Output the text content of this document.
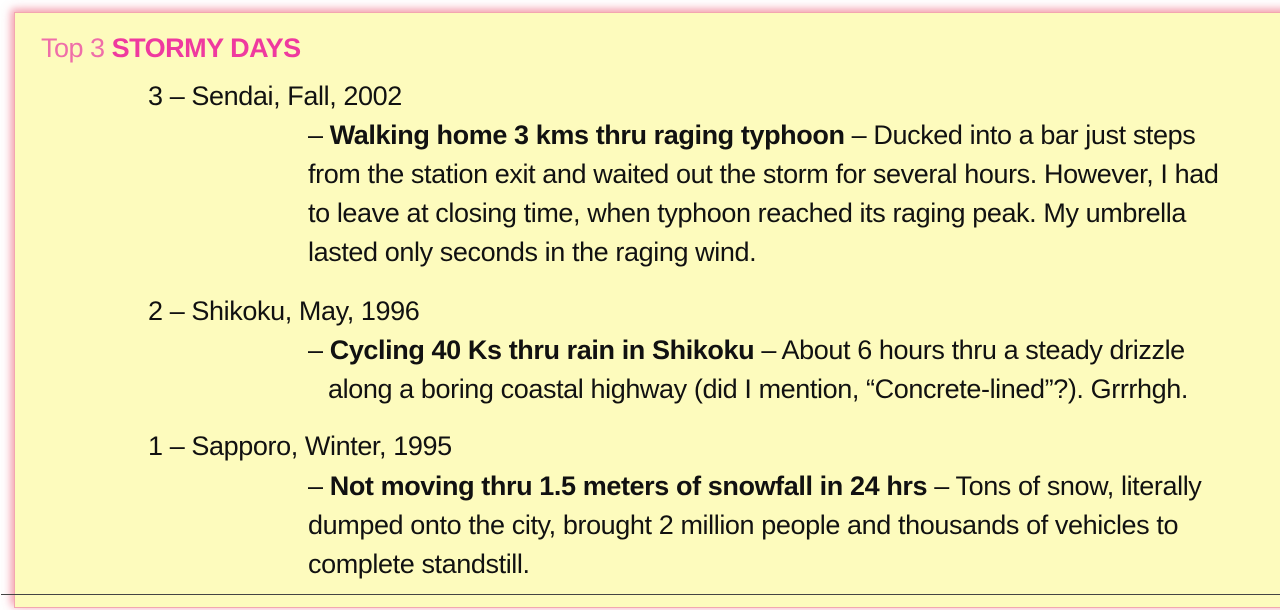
Top 3 STORMY DAYS
3 – Sendai, Fall, 2002
– Walking home 3 kms thru raging typhoon – Ducked into a bar just steps from the station exit and waited out the storm for several hours. However, I had to leave at closing time, when typhoon reached its raging peak. My umbrella lasted only seconds in the raging wind.
2 – Shikoku, May, 1996
– Cycling 40 Ks thru rain in Shikoku – About 6 hours thru a steady drizzle
along a boring coastal highway (did I mention, “Concrete-lined”?). Grrrhgh.
1 – Sapporo, Winter, 1995
– Not moving thru 1.5 meters of snowfall in 24 hrs – Tons of snow, literally dumped onto the city, brought 2 million people and thousands of vehicles to complete standstill.
